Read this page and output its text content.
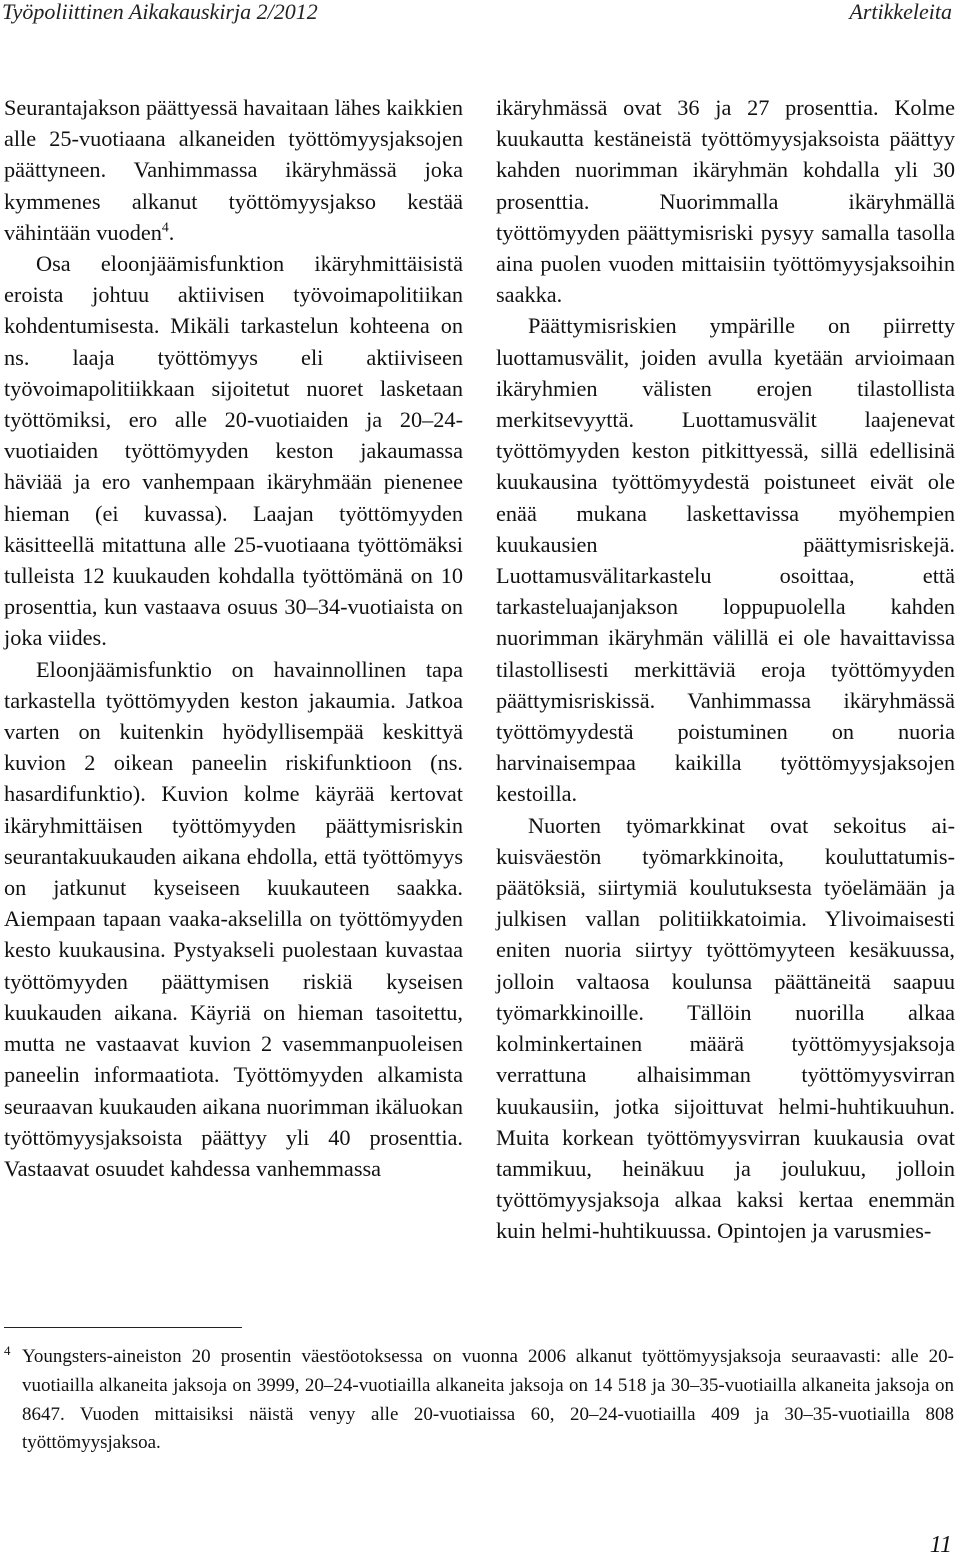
Työpoliittinen Aikakauskirja 2/2012	Artikkeleita

Seurantajakson päättyessä havaitaan lähes kaikkien alle 25-vuotiaana alkaneiden työttömyysjaksojen päättyneen. Vanhimmassa ikäryhmässä joka kymmenes alkanut työttömyysjakso kestää vähintään vuoden$^4$.

Osa eloonjäämisfunktion ikäryhmittäisistä eroista johtuu aktiivisen työvoimapolitiikan kohdentumisesta. Mikäli tarkastelun kohteena on ns. laaja työttömyys eli aktiiviseen työvoimapolitiikkaan sijoitetut nuoret lasketaan työttömiksi, ero alle 20-vuotiaiden ja 20–24-vuotiaiden työttömyyden keston jakaumassa häviää ja ero vanhempaan ikäryhmään pienenee hieman (ei kuvassa). Laajan työttömyyden käsitteellä mitattuna alle 25-vuotiaana työttömäksi tulleista 12 kuukauden kohdalla työttömänä on 10 prosenttia, kun vastaava osuus 30–34-vuotiaista on joka viides.

Eloonjäämisfunktio on havainnollinen tapa tarkastella työttömyyden keston jakaumia. Jatkoa varten on kuitenkin hyödyllisempää keskittyä kuvion 2 oikean paneelin riskifunktioon (ns. hasardifunktio). Kuvion kolme käyrää kertovat ikäryhmittäisen työttömyyden päättymisriskin seurantakuukauden aikana ehdolla, että työttömyys on jatkunut kyseiseen kuukauteen saakka. Aiempaan tapaan vaaka-akselilla on työttömyyden kesto kuukausina. Pystyakseli puolestaan kuvastaa työttömyyden päättymisen riskiä kyseisen kuukauden aikana. Käyriä on hieman tasoitettu, mutta ne vastaavat kuvion 2 vasemmanpuoleisen paneelin informaatiota. Työttömyyden alkamista seuraavan kuukauden aikana nuorimman ikäluokan työttömyysjaksoista päättyy yli 40 prosenttia. Vastaavat osuudet kahdessa vanhemmassa

ikäryhmässä ovat 36 ja 27 prosenttia. Kolme kuukautta kestäneistä työttömyysjaksoista päättyy kahden nuorimman ikäryhmän kohdalla yli 30 prosenttia. Nuorimmalla ikäryhmällä työttömyyden päättymisriski pysyy samalla tasolla aina puolen vuoden mittaisiin työttömyysjaksoihin saakka.

Päättymisriskien ympärille on piirretty luottamusvälit, joiden avulla kyetään arvioimaan ikäryhmien välisten erojen tilastollista merkitsevyyttä. Luottamusvälit laajenevat työttömyyden keston pitkittyessä, sillä edellisinä kuukausina työttömyydestä poistuneet eivät ole enää mukana laskettavissa myöhempien kuukausien päättymisriskejä. Luottamusvälitarkastelu osoittaa, että tarkasteluajanjakson loppupuolella kahden nuorimman ikäryhmän välillä ei ole havaittavissa tilastollisesti merkittäviä eroja työttömyyden päättymisriskissä. Vanhimmassa ikäryhmässä työttömyydestä poistuminen on nuoria harvinaisempaa kaikilla työttömyysjaksojen kestoilla.

Nuorten työmarkkinat ovat sekoitus aikuisväestön työmarkkinoita, kouluttatumispäätöksiä, siirtymiä koulutuksesta työelämään ja julkisen vallan politiikkatoimia. Ylivoimaisesti eniten nuoria siirtyy työttömyyteen kesäkuussa, jolloin valtaosa koulunsa päättäneitä saapuu työmarkkinoille. Tällöin nuorilla alkaa kolminkertainen määrä työttömyysjaksoja verrattuna alhaisimman työttömyysvirran kuukausiin, jotka sijoittuvat helmi-huhtikuuhun. Muita korkean työttömyysvirran kuukausia ovat tammikuu, heinäkuu ja joulukuu, jolloin työttömyysjaksoja alkaa kaksi kertaa enemmän kuin helmi-huhtikuussa. Opintojen ja varusmies-

4 Youngsters-aineiston 20 prosentin väestöotoksessa on vuonna 2006 alkanut työttömyysjaksoja seuraavasti: alle 20-vuotiailla alkaneita jaksoja on 3999, 20–24-vuotiailla alkaneita jaksoja on 14 518 ja 30–35-vuotiailla alkaneita jaksoja on 8647. Vuoden mittaisiksi näistä venyy alle 20-vuotiaissa 60, 20–24-vuotiailla 409 ja 30–35-vuotiailla 808 työttömyysjaksoa.

11
